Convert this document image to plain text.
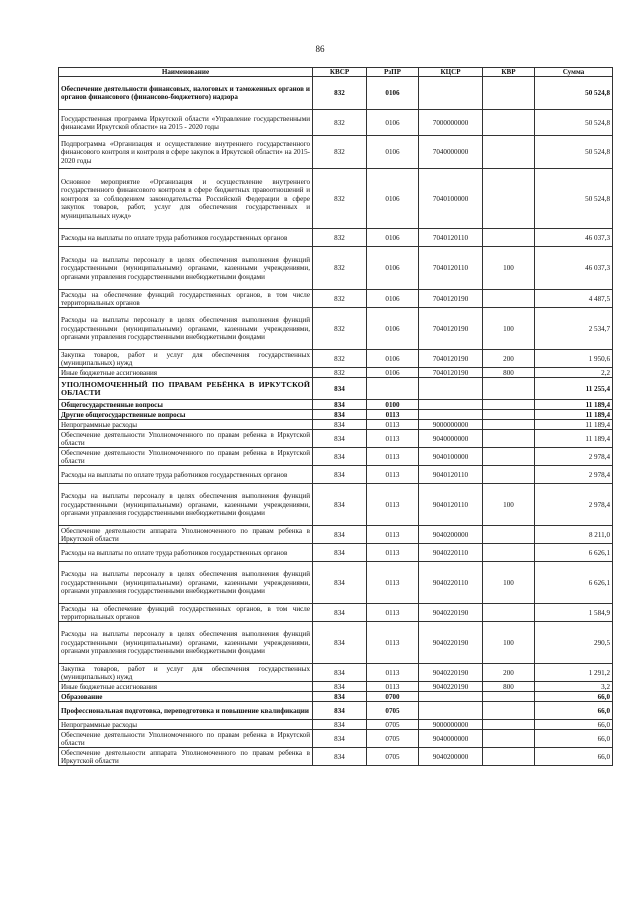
86
Наименование	КВСР	РзПР	КЦСР	КВР	Сумма
Обеспечение деятельности финансовых, налоговых и таможенных органов и органов финансового (финансово-бюджетного) надзора	832	0106			50 524,8
Государственная программа Иркутской области «Управление государственными финансами Иркутской области» на 2015 - 2020 годы	832	0106	7000000000		50 524,8
Подпрограмма «Организация и осуществление внутреннего государственного финансового контроля и контроля в сфере закупок в Иркутской области» на 2015-2020 годы	832	0106	7040000000		50 524,8
Основное мероприятие «Организация и осуществление внутреннего государственного финансового контроля в сфере бюджетных правоотношений и контроля за соблюдением законодательства Российской Федерации в сфере закупок товаров, работ, услуг для обеспечения государственных и муниципальных нужд»	832	0106	7040100000		50 524,8
Расходы на выплаты по оплате труда работников государственных органов	832	0106	7040120110		46 037,3
Расходы на выплаты персоналу в целях обеспечения выполнения функций государственными (муниципальными) органами, казенными учреждениями, органами управления государственными внебюджетными фондами	832	0106	7040120110	100	46 037,3
Расходы на обеспечение функций государственных органов, в том числе территориальных органов	832	0106	7040120190		4 487,5
Расходы на выплаты персоналу в целях обеспечения выполнения функций государственными (муниципальными) органами, казенными учреждениями, органами управления государственными внебюджетными фондами	832	0106	7040120190	100	2 534,7
Закупка товаров, работ и услуг для обеспечения государственных (муниципальных) нужд	832	0106	7040120190	200	1 950,6
Иные бюджетные ассигнования	832	0106	7040120190	800	2,2
УПОЛНОМОЧЕННЫЙ ПО ПРАВАМ РЕБЁНКА В ИРКУТСКОЙ ОБЛАСТИ	834				11 255,4
Общегосударственные вопросы	834	0100			11 189,4
Другие общегосударственные вопросы	834	0113			11 189,4
Непрограммные расходы	834	0113	9000000000		11 189,4
Обеспечение деятельности Уполномоченного по правам ребенка в Иркутской области	834	0113	9040000000		11 189,4
Обеспечение деятельности Уполномоченного по правам ребенка в Иркутской области	834	0113	9040100000		2 978,4
Расходы на выплаты по оплате труда работников государственных органов	834	0113	9040120110		2 978,4
Расходы на выплаты персоналу в целях обеспечения выполнения функций государственными (муниципальными) органами, казенными учреждениями, органами управления государственными внебюджетными фондами	834	0113	9040120110	100	2 978,4
Обеспечение деятельности аппарата Уполномоченного по правам ребенка в Иркутской области	834	0113	9040200000		8 211,0
Расходы на выплаты по оплате труда работников государственных органов	834	0113	9040220110		6 626,1
Расходы на выплаты персоналу в целях обеспечения выполнения функций государственными (муниципальными) органами, казенными учреждениями, органами управления государственными внебюджетными фондами	834	0113	9040220110	100	6 626,1
Расходы на обеспечение функций государственных органов, в том числе территориальных органов	834	0113	9040220190		1 584,9
Расходы на выплаты персоналу в целях обеспечения выполнения функций государственными (муниципальными) органами, казенными учреждениями, органами управления государственными внебюджетными фондами	834	0113	9040220190	100	290,5
Закупка товаров, работ и услуг для обеспечения государственных (муниципальных) нужд	834	0113	9040220190	200	1 291,2
Иные бюджетные ассигнования	834	0113	9040220190	800	3,2
Образование	834	0700			66,0
Профессиональная подготовка, переподготовка и повышение квалификации	834	0705			66,0
Непрограммные расходы	834	0705	9000000000		66,0
Обеспечение деятельности Уполномоченного по правам ребенка в Иркутской области	834	0705	9040000000		66,0
Обеспечение деятельности аппарата Уполномоченного по правам ребенка в Иркутской области	834	0705	9040200000		66,0
